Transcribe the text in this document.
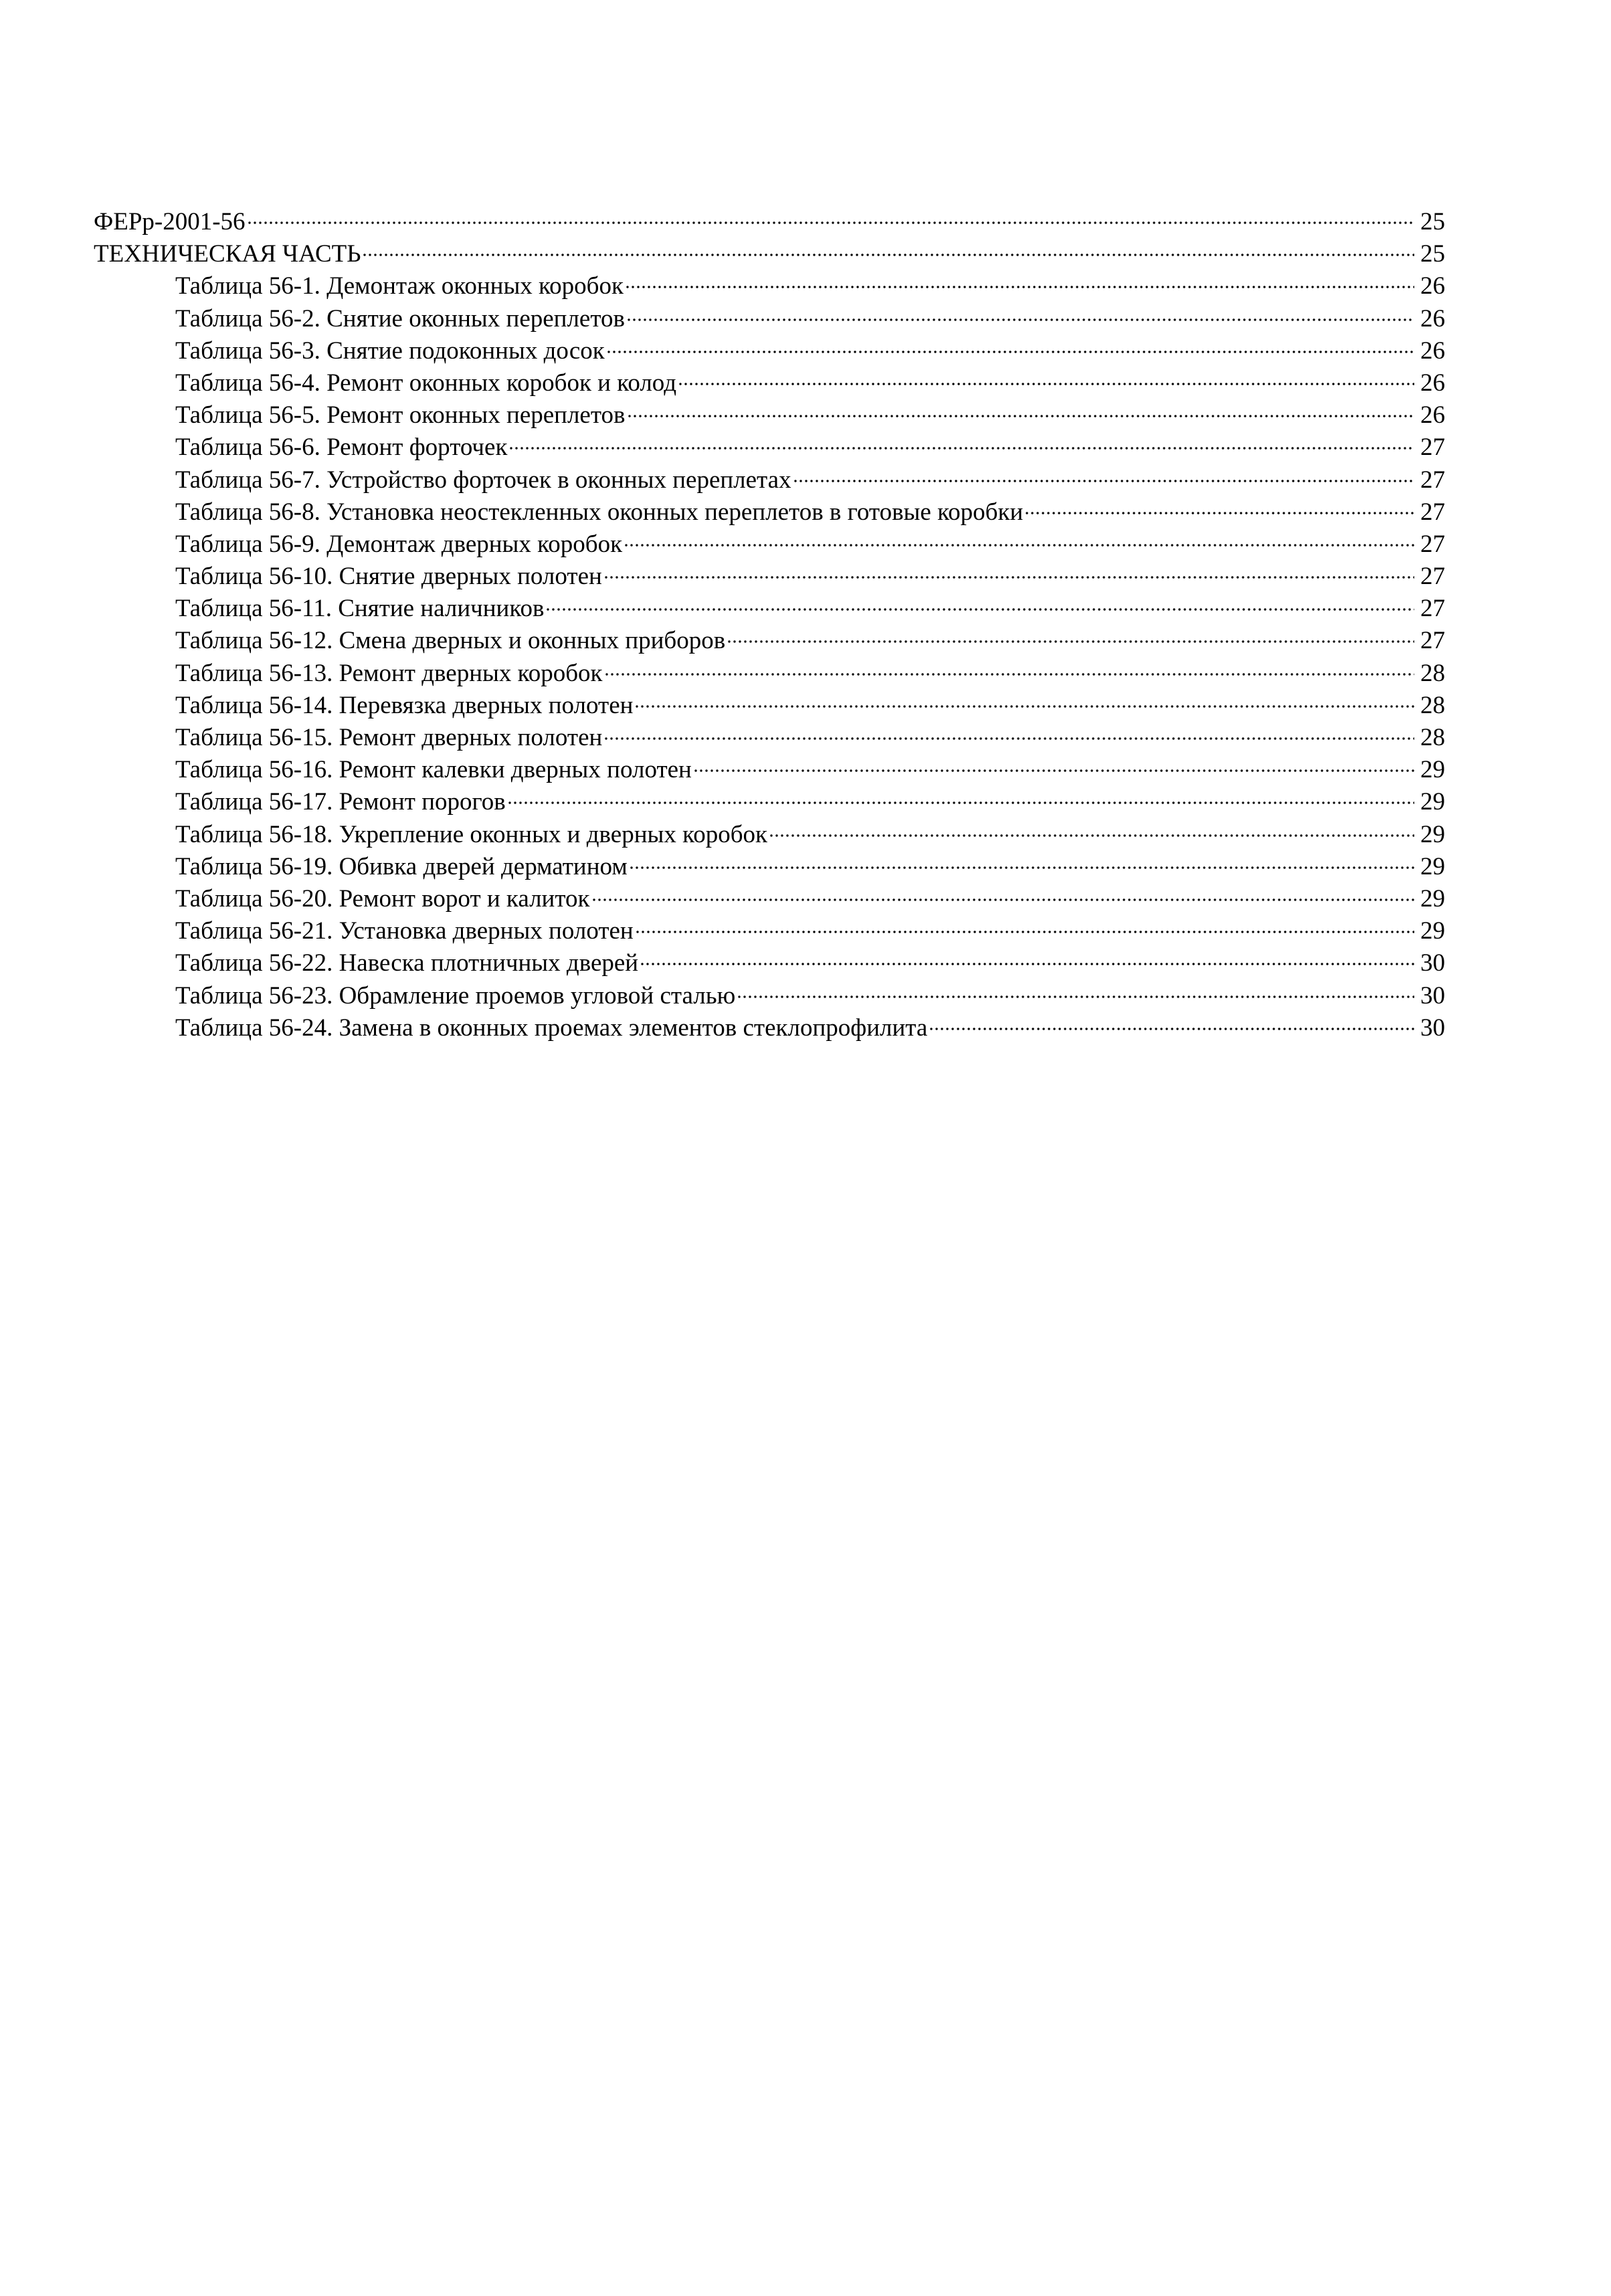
ФЕРр-2001-56	25
ТЕХНИЧЕСКАЯ ЧАСТЬ	25
Таблица 56-1. Демонтаж оконных коробок	26
Таблица 56-2. Снятие оконных переплетов	26
Таблица 56-3. Снятие подоконных досок	26
Таблица 56-4. Ремонт оконных коробок и колод	26
Таблица 56-5. Ремонт оконных переплетов	26
Таблица 56-6. Ремонт форточек	27
Таблица 56-7. Устройство форточек в оконных переплетах	27
Таблица 56-8. Установка неостекленных оконных переплетов в готовые коробки	27
Таблица 56-9. Демонтаж дверных коробок	27
Таблица 56-10. Снятие дверных полотен	27
Таблица 56-11. Снятие наличников	27
Таблица 56-12. Смена дверных и оконных приборов	27
Таблица 56-13. Ремонт дверных коробок	28
Таблица 56-14. Перевязка дверных полотен	28
Таблица 56-15. Ремонт дверных полотен	28
Таблица 56-16. Ремонт калевки дверных полотен	29
Таблица 56-17. Ремонт порогов	29
Таблица 56-18. Укрепление оконных и дверных коробок	29
Таблица 56-19. Обивка дверей дерматином	29
Таблица 56-20. Ремонт ворот и калиток	29
Таблица 56-21. Установка дверных полотен	29
Таблица 56-22. Навеска плотничных дверей	30
Таблица 56-23. Обрамление проемов угловой сталью	30
Таблица 56-24. Замена в оконных проемах элементов стеклопрофилита	30
